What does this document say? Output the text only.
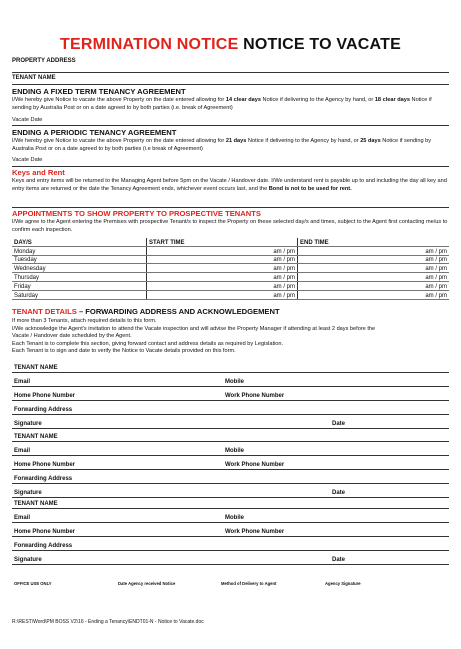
TERMINATION NOTICE NOTICE TO VACATE
PROPERTY ADDRESS
TENANT NAME
ENDING A FIXED TERM TENANCY AGREEMENT
I/We hereby give Notice to vacate the above Property on the date entered allowing for 14 clear days Notice if delivering to the Agency by hand, or 18 clear days Notice if sending by Australia Post or on a date agreed to by both parties (i.e. break of Agreement)
Vacate Date
ENDING A PERIODIC TENANCY AGREEMENT
I/We hereby give Notice to vacate the above Property on the date entered allowing for 21 days Notice if delivering to the Agency by hand, or 25 days Notice if sending by Australia Post or on a date agreed to by both parties (i.e break of Agreement)
Vacate Date
Keys and Rent
Keys and entry items will be returned to the Managing Agent before 5pm on the Vacate / Handover date. I/We understand rent is payable up to and including the day all key and entry items are returned or the date the Tenancy Agreement ends, whichever event occurs last, and the Bond is not to be used for rent.
APPOINTMENTS TO SHOW PROPERTY TO PROSPECTIVE TENANTS
I/We agree to the Agent entering the Premises with prospective Tenant/s to inspect the Property on these selected day/s and times, subject to the Agent first contacting me/us to confirm each inspection.
DAY/S	START TIME	END TIME
Monday	am / pm	am / pm
Tuesday	am / pm	am / pm
Wednesday	am / pm	am / pm
Thursday	am / pm	am / pm
Friday	am / pm	am / pm
Saturday	am / pm	am / pm
TENANT DETAILS – FORWARDING ADDRESS AND ACKNOWLEDGEMENT
If more than 3 Tenants, attach required details to this form.
I/We acknowledge the Agent's invitation to attend the Vacate inspection and will advise the Property Manager if attending at least 2 days before the
Vacate / Handover date scheduled by the Agent.
Each Tenant is to complete this section, giving forward contact and address details as required by Legislation.
Each Tenant is to sign and date to verify the Notice to Vacate details provided on this form.
TENANT NAME
Email	Mobile
Home Phone Number	Work Phone Number
Forwarding Address
Signature	Date
TENANT NAME
Email	Mobile
Home Phone Number	Work Phone Number
Forwarding Address
Signature	Date
TENANT NAME
Email	Mobile
Home Phone Number	Work Phone Number
Forwarding Address
Signature	Date
OFFICE USE ONLY	Date Agency received Notice	Method of Delivery to Agent	Agency Signature
R:\REST\Word\PM BOSS V2\16 - Ending a Tenancy\ENDT01-N - Notice to Vacate.doc
